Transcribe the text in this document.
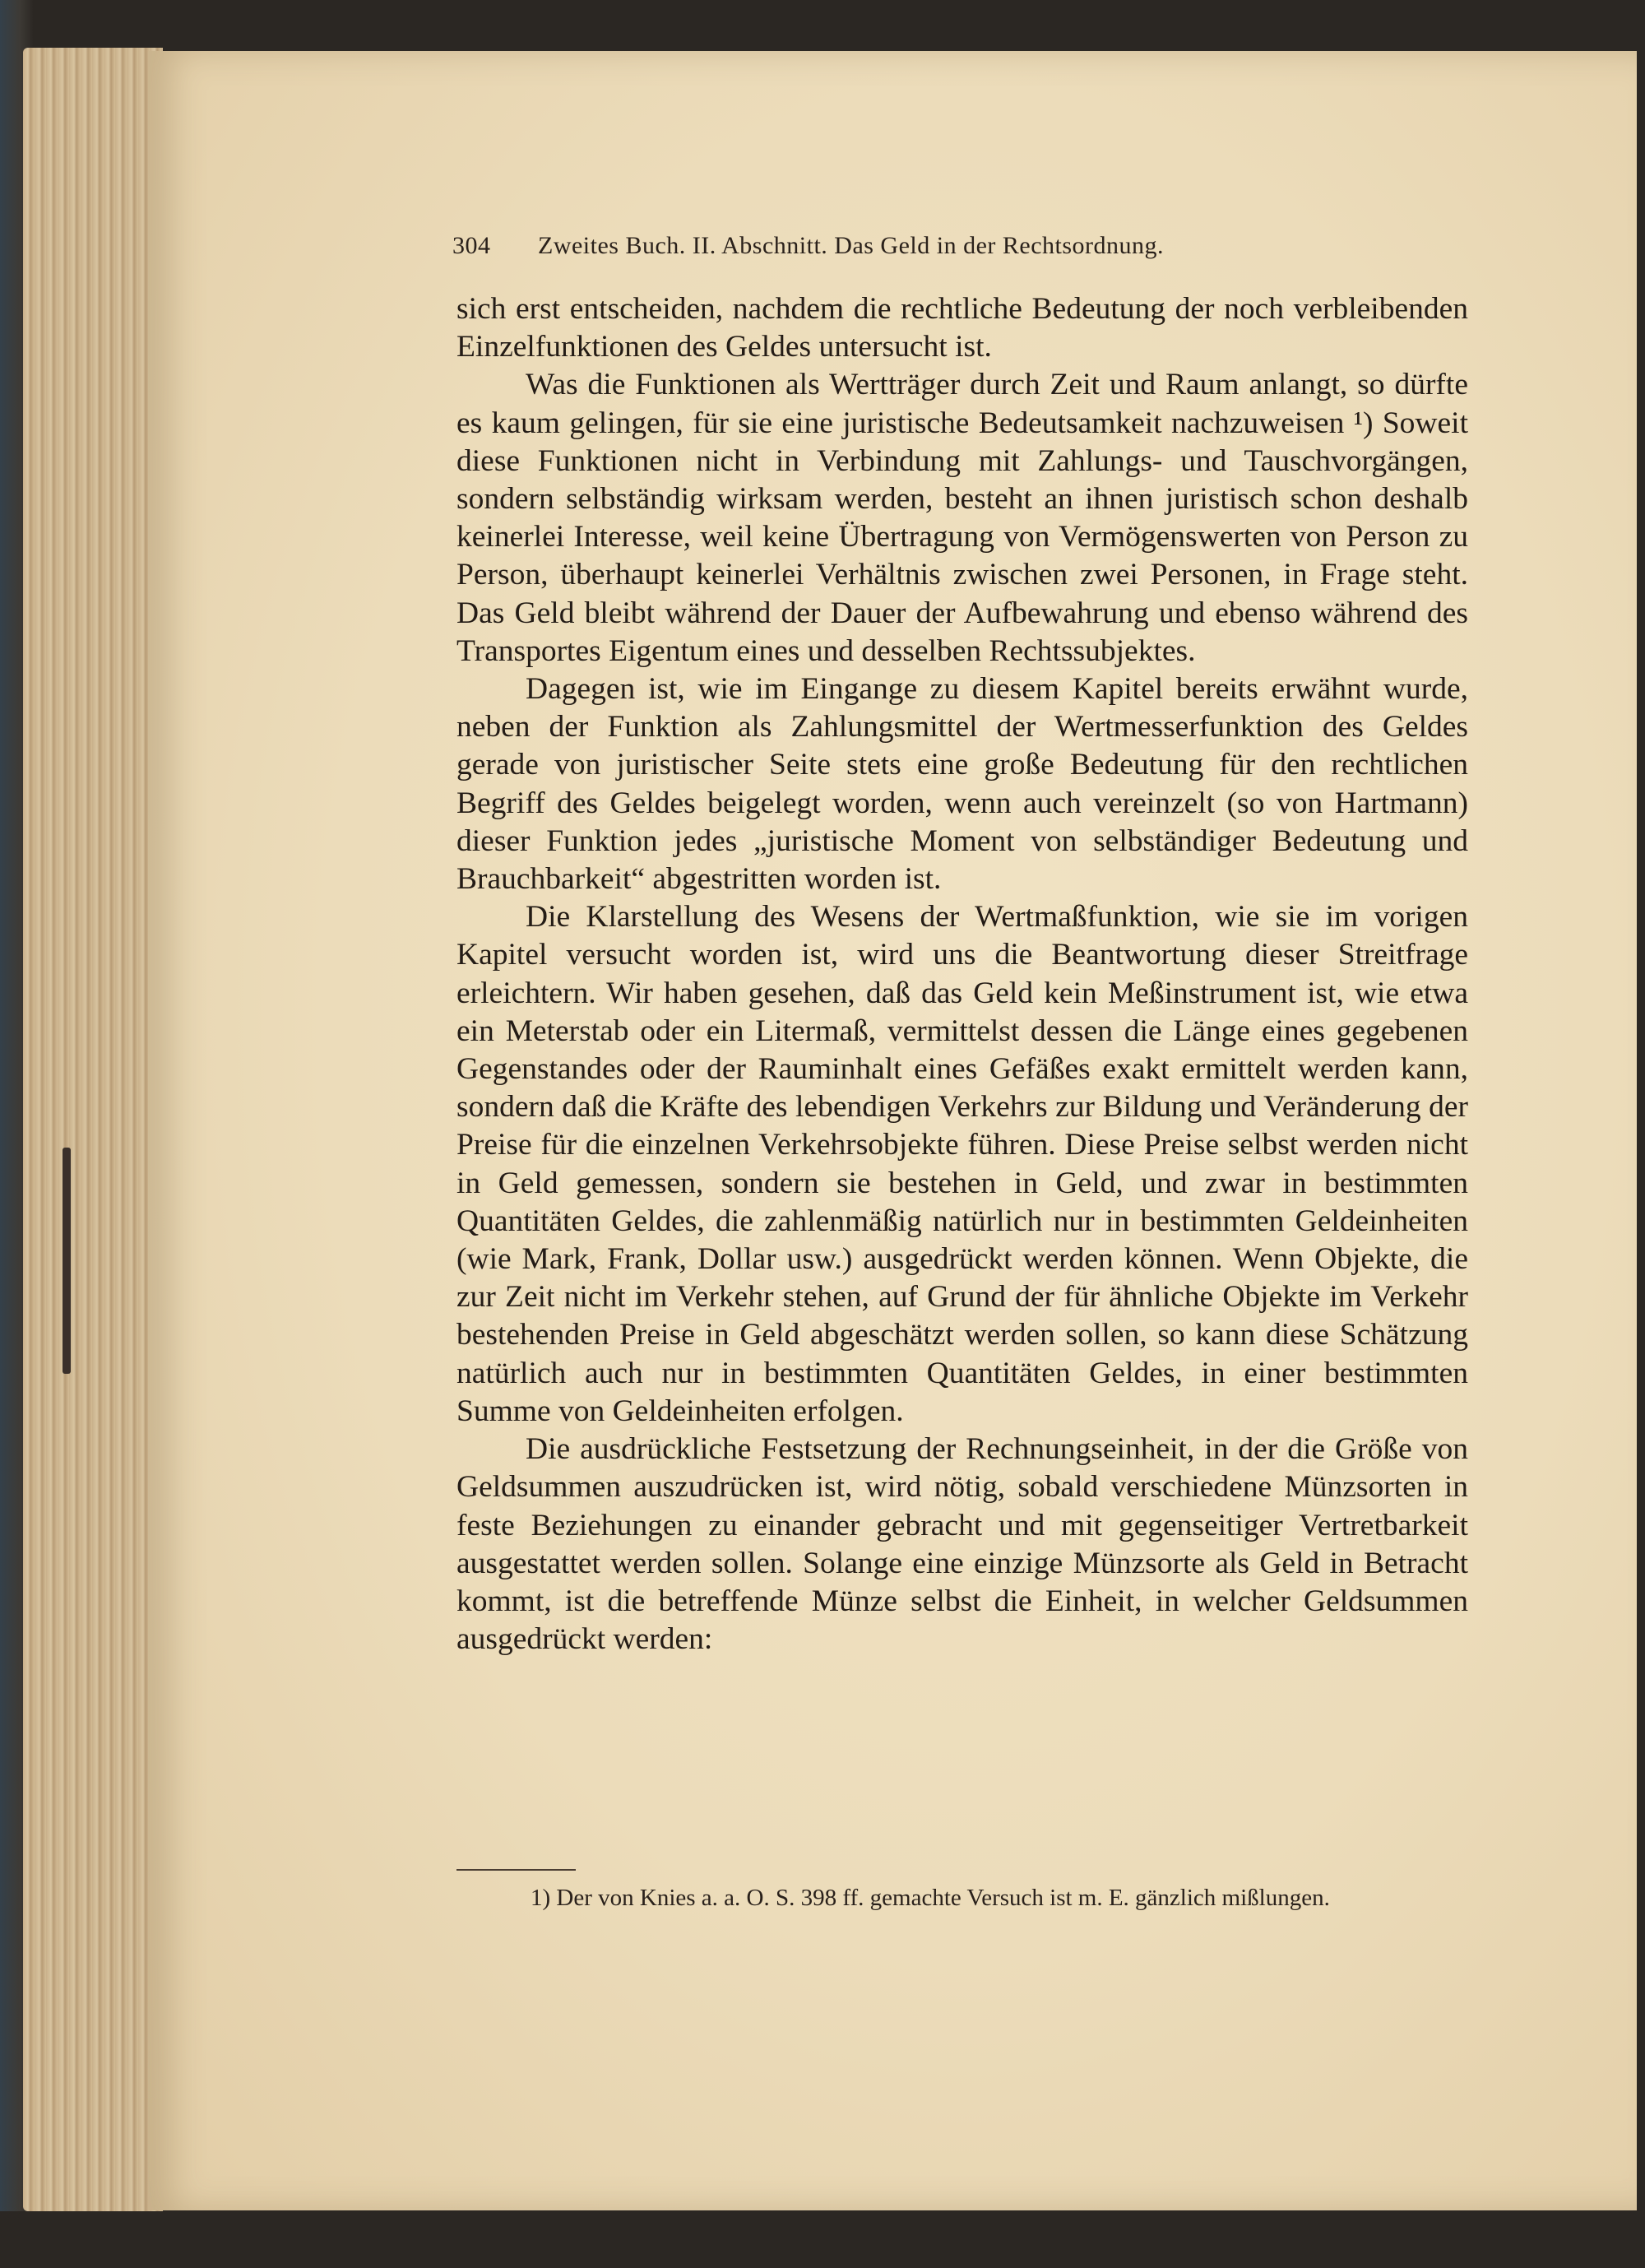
304 Zweites Buch. II. Abschnitt. Das Geld in der Rechtsordnung.

sich erst entscheiden, nachdem die rechtliche Bedeutung der noch verbleibenden Einzelfunktionen des Geldes untersucht ist.

Was die Funktionen als Wertträger durch Zeit und Raum anlangt, so dürfte es kaum gelingen, für sie eine juristische Bedeutsamkeit nachzuweisen ¹) Soweit diese Funktionen nicht in Verbindung mit Zahlungs- und Tauschvorgängen, sondern selbständig wirksam werden, besteht an ihnen juristisch schon deshalb keinerlei Interesse, weil keine Übertragung von Vermögenswerten von Person zu Person, überhaupt keinerlei Verhältnis zwischen zwei Personen, in Frage steht. Das Geld bleibt während der Dauer der Aufbewahrung und ebenso während des Transportes Eigentum eines und desselben Rechtssubjektes.

Dagegen ist, wie im Eingange zu diesem Kapitel bereits erwähnt wurde, neben der Funktion als Zahlungsmittel der Wertmesserfunktion des Geldes gerade von juristischer Seite stets eine große Bedeutung für den rechtlichen Begriff des Geldes beigelegt worden, wenn auch vereinzelt (so von Hartmann) dieser Funktion jedes „juristische Moment von selbständiger Bedeutung und Brauchbarkeit“ abgestritten worden ist.

Die Klarstellung des Wesens der Wertmaßfunktion, wie sie im vorigen Kapitel versucht worden ist, wird uns die Beantwortung dieser Streitfrage erleichtern. Wir haben gesehen, daß das Geld kein Meßinstrument ist, wie etwa ein Meterstab oder ein Litermaß, vermittelst dessen die Länge eines gegebenen Gegenstandes oder der Rauminhalt eines Gefäßes exakt ermittelt werden kann, sondern daß die Kräfte des lebendigen Verkehrs zur Bildung und Veränderung der Preise für die einzelnen Verkehrsobjekte führen. Diese Preise selbst werden nicht in Geld gemessen, sondern sie bestehen in Geld, und zwar in bestimmten Quantitäten Geldes, die zahlenmäßig natürlich nur in bestimmten Geldeinheiten (wie Mark, Frank, Dollar usw.) ausgedrückt werden können. Wenn Objekte, die zur Zeit nicht im Verkehr stehen, auf Grund der für ähnliche Objekte im Verkehr bestehenden Preise in Geld abgeschätzt werden sollen, so kann diese Schätzung natürlich auch nur in bestimmten Quantitäten Geldes, in einer bestimmten Summe von Geldeinheiten erfolgen.

Die ausdrückliche Festsetzung der Rechnungseinheit, in der die Größe von Geldsummen auszudrücken ist, wird nötig, sobald verschiedene Münzsorten in feste Beziehungen zu einander gebracht und mit gegenseitiger Vertretbarkeit ausgestattet werden sollen. Solange eine einzige Münzsorte als Geld in Betracht kommt, ist die betreffende Münze selbst die Einheit, in welcher Geldsummen ausgedrückt werden:

1) Der von Knies a. a. O. S. 398 ff. gemachte Versuch ist m. E. gänzlich mißlungen.
